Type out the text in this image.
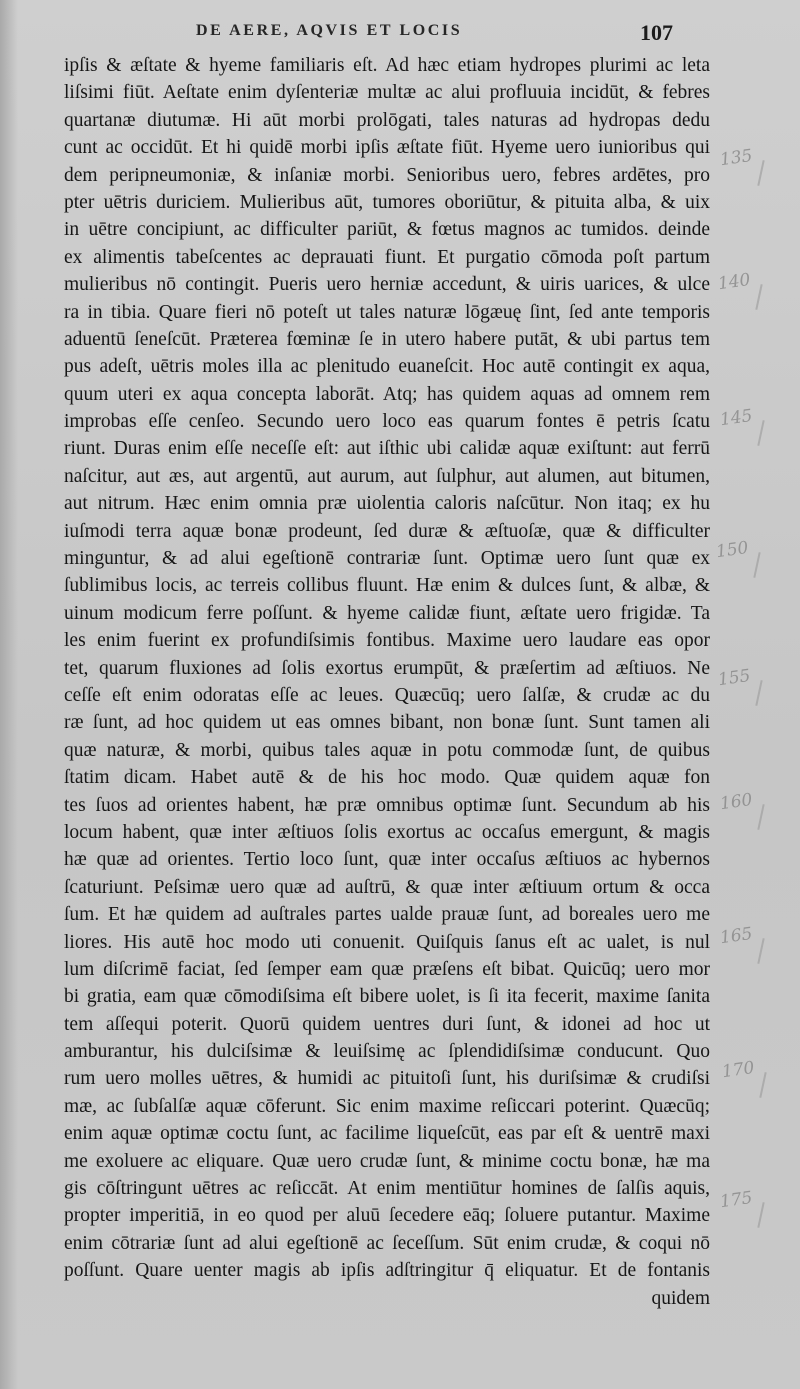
DE AERE, AQVIS ET LOCIS	107
ipſis & æſtate & hyeme familiaris eſt. Ad hæc etiam hydropes plurimi ac leta
liſsimi fiūt. Aeſtate enim dyſenteriæ multæ ac alui profluuia incidūt, & febres
quartanæ diutumæ. Hi aūt morbi prolōgati, tales naturas ad hydropas dedu
cunt ac occidūt. Et hi quidē morbi ipſis æſtate fiūt. Hyeme uero iunioribus qui
dem peripneumoniæ, & inſaniæ morbi. Senioribus uero, febres ardētes, pro
pter uētris duriciem. Mulieribus aūt, tumores oboriūtur, & pituita alba, & uix
in uētre concipiunt, ac difficulter pariūt, & fœtus magnos ac tumidos. deinde
ex alimentis tabeſcentes ac deprauati fiunt. Et purgatio cōmoda poſt partum
mulieribus nō contingit. Pueris uero herniæ accedunt, & uiris uarices, & ulce
ra in tibia. Quare fieri nō poteſt ut tales naturæ lōgæuę ſint, ſed ante temporis
aduentū ſeneſcūt. Præterea fœminæ ſe in utero habere putāt, & ubi partus tem
pus adeſt, uētris moles illa ac plenitudo euaneſcit. Hoc autē contingit ex aqua,
quum uteri ex aqua concepta laborāt. Atq; has quidem aquas ad omnem rem
improbas eſſe cenſeo. Secundo uero loco eas quarum fontes ē petris ſcatu
riunt. Duras enim eſſe neceſſe eſt: aut iſthic ubi calidæ aquæ exiſtunt: aut ferrū
naſcitur, aut æs, aut argentū, aut aurum, aut ſulphur, aut alumen, aut bitumen,
aut nitrum. Hæc enim omnia præ uiolentia caloris naſcūtur. Non itaq; ex hu
iuſmodi terra aquæ bonæ prodeunt, ſed duræ & æſtuoſæ, quæ & difficulter
minguntur, & ad alui egeſtionē contrariæ ſunt. Optimæ uero ſunt quæ ex
ſublimibus locis, ac terreis collibus fluunt. Hæ enim & dulces ſunt, & albæ, &
uinum modicum ferre poſſunt. & hyeme calidæ fiunt, æſtate uero frigidæ. Ta
les enim fuerint ex profundiſsimis fontibus. Maxime uero laudare eas opor
tet, quarum fluxiones ad ſolis exortus erumpūt, & præſertim ad æſtiuos. Ne
ceſſe eſt enim odoratas eſſe ac leues. Quæcūq; uero ſalſæ, & crudæ ac du
ræ ſunt, ad hoc quidem ut eas omnes bibant, non bonæ ſunt. Sunt tamen ali
quæ naturæ, & morbi, quibus tales aquæ in potu commodæ ſunt, de quibus
ſtatim dicam. Habet autē & de his hoc modo. Quæ quidem aquæ fon
tes ſuos ad orientes habent, hæ præ omnibus optimæ ſunt. Secundum ab his
locum habent, quæ inter æſtiuos ſolis exortus ac occaſus emergunt, & magis
hæ quæ ad orientes. Tertio loco ſunt, quæ inter occaſus æſtiuos ac hybernos
ſcaturiunt. Peſsimæ uero quæ ad auſtrū, & quæ inter æſtiuum ortum & occa
ſum. Et hæ quidem ad auſtrales partes ualde prauæ ſunt, ad boreales uero me
liores. His autē hoc modo uti conuenit. Quiſquis ſanus eſt ac ualet, is nul
lum diſcrimē faciat, ſed ſemper eam quæ præſens eſt bibat. Quicūq; uero mor
bi gratia, eam quæ cōmodiſsima eſt bibere uolet, is ſi ita fecerit, maxime ſanita
tem aſſequi poterit. Quorū quidem uentres duri ſunt, & idonei ad hoc ut
amburantur, his dulciſsimæ & leuiſsimę ac ſplendidiſsimæ conducunt. Quo
rum uero molles uētres, & humidi ac pituitoſi ſunt, his duriſsimæ & crudiſsi
mæ, ac ſubſalſæ aquæ cōferunt. Sic enim maxime reſiccari poterint. Quæcūq;
enim aquæ optimæ coctu ſunt, ac facilime liqueſcūt, eas par eſt & uentrē maxi
me exoluere ac eliquare. Quæ uero crudæ ſunt, & minime coctu bonæ, hæ ma
gis cōſtringunt uētres ac reſiccāt. At enim mentiūtur homines de ſalſis aquis,
propter imperitiā, in eo quod per aluū ſecedere eāq; ſoluere putantur. Maxime
enim cōtrariæ ſunt ad alui egeſtionē ac ſeceſſum. Sūt enim crudæ, & coqui nō
poſſunt. Quare uenter magis ab ipſis adſtringitur q̄ eliquatur. Et de fontanis
quidem
135
140
145
150
155
160
165
170
175
